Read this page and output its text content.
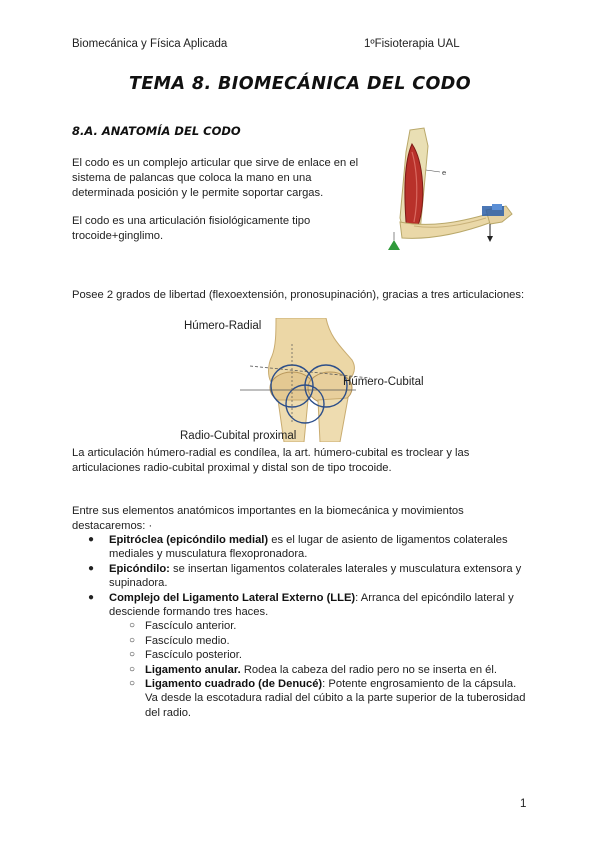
Biomecánica y Física Aplicada	1ºFisioterapia UAL
TEMA 8. BIOMECÁNICA DEL CODO
8.A. ANATOMÍA DEL CODO
El codo es un complejo articular que sirve de enlace en el sistema de palancas que coloca la mano en una determinada posición y le permite soportar cargas.
El codo es una articulación fisiológicamente tipo trocoide+ginglimo.
e
Posee 2 grados de libertad (flexoextensión, pronosupinación), gracias a tres articulaciones:
Húmero-Radial
Húmero-Cubital
Radio-Cubital proximal
La articulación húmero-radial es condílea, la art. húmero-cubital es troclear y las articulaciones radio-cubital proximal y distal son de tipo trocoide.
Entre sus elementos anatómicos importantes en la biomecánica y movimientos destacaremos: ·
● Epitróclea (epicóndilo medial) es el lugar de asiento de ligamentos colaterales mediales y musculatura flexopronadora.
● Epicóndilo: se insertan ligamentos colaterales laterales y musculatura extensora y supinadora.
● Complejo del Ligamento Lateral Externo (LLE): Arranca del epicóndilo lateral y desciende formando tres haces.
○ Fascículo anterior.
○ Fascículo medio.
○ Fascículo posterior.
○ Ligamento anular. Rodea la cabeza del radio pero no se inserta en él.
○ Ligamento cuadrado (de Denucé): Potente engrosamiento de la cápsula. Va desde la escotadura radial del cúbito a la parte superior de la tuberosidad del radio.
1
